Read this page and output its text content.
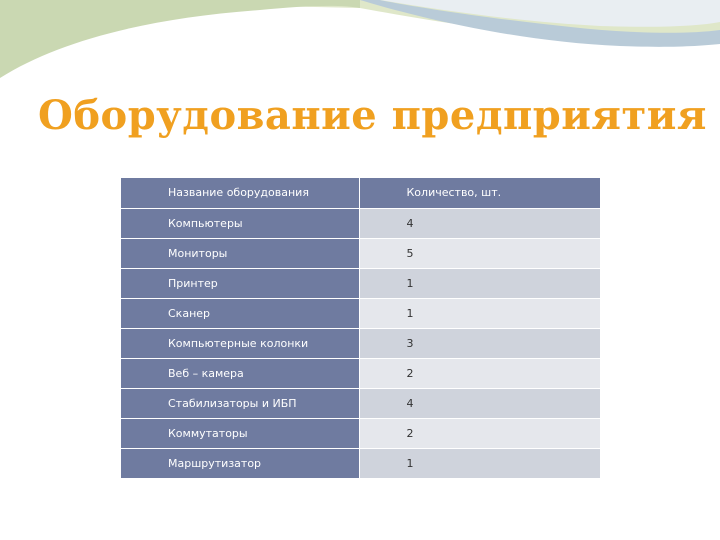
Оборудование предприятия
Название оборудования	Количество, шт.
Компьютеры	4
Мониторы	5
Принтер	1
Сканер	1
Компьютерные колонки	3
Веб – камера	2
Стабилизаторы и ИБП	4
Коммутаторы	2
Маршрутизатор	1
